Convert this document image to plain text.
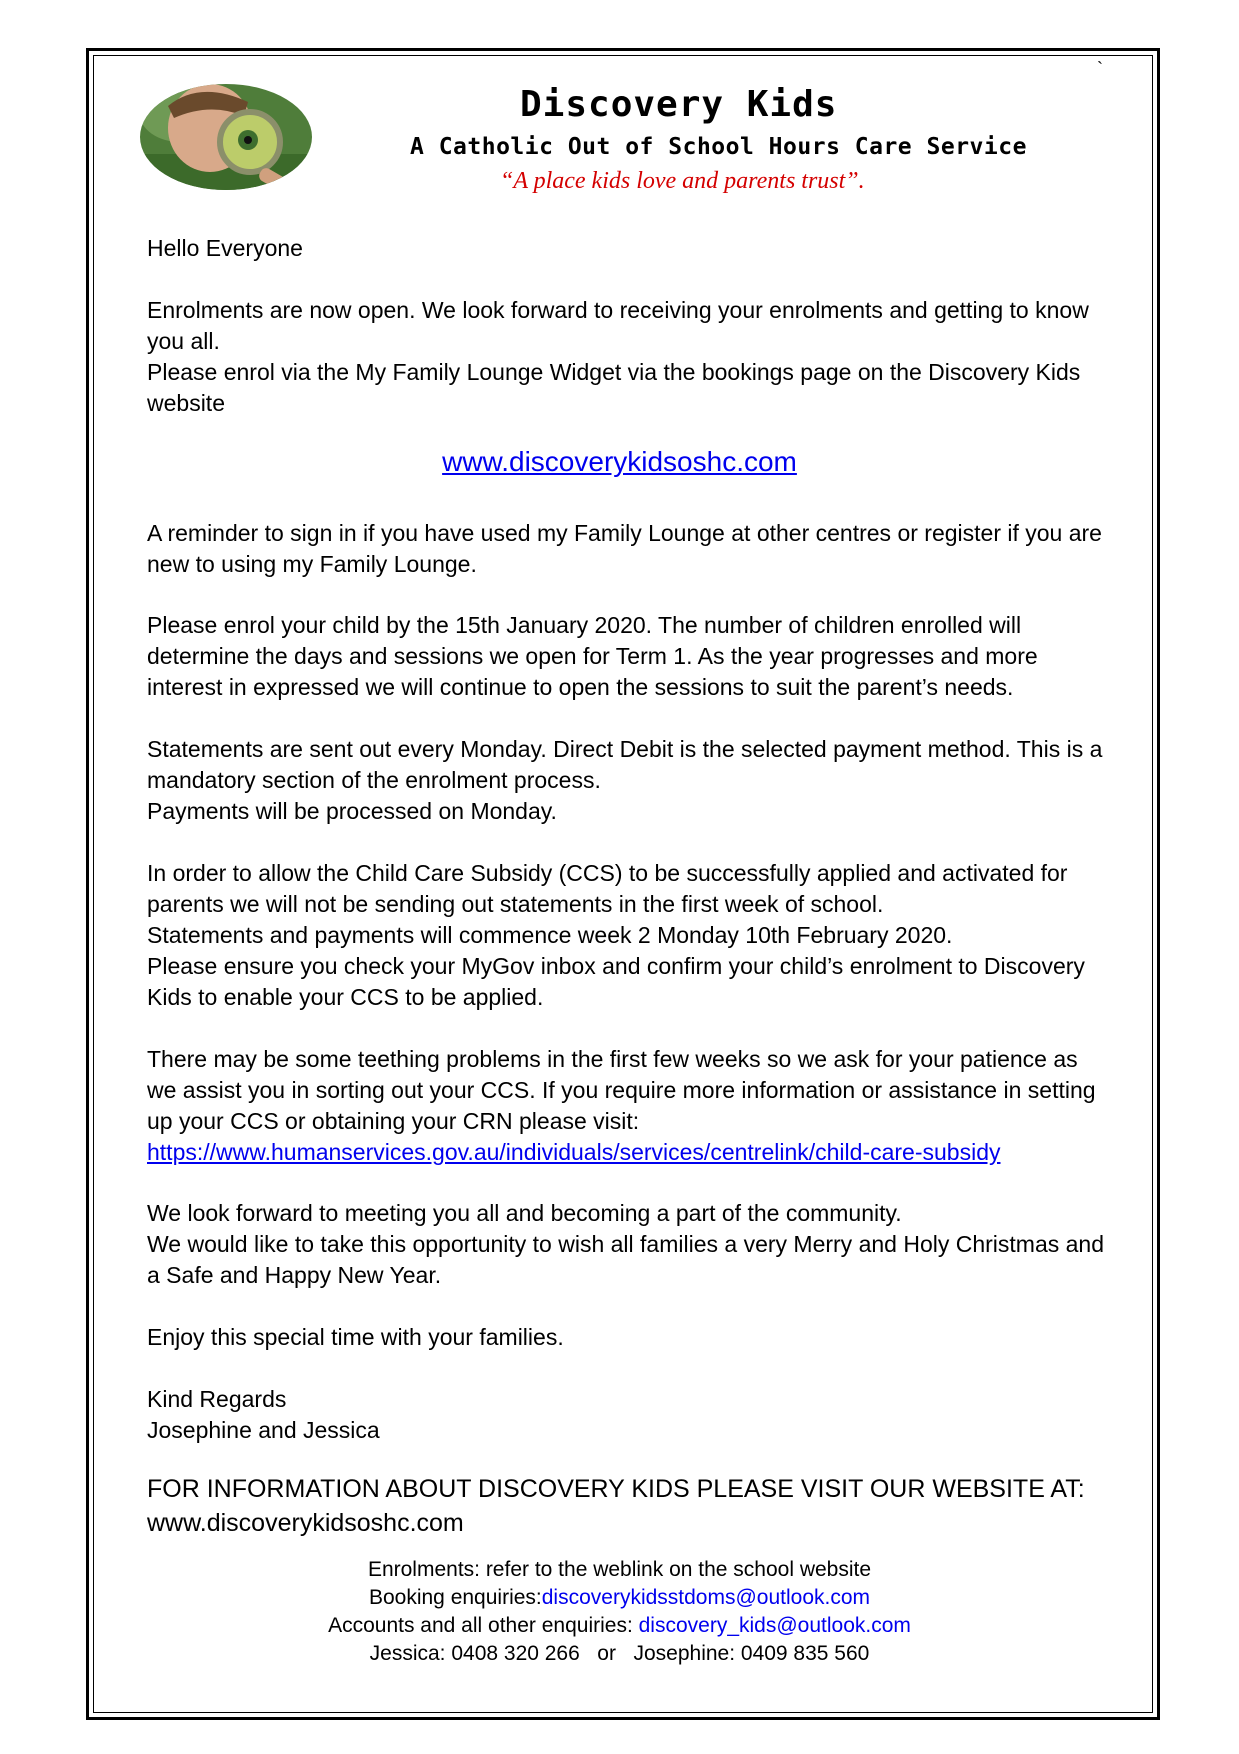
`
Discovery Kids
A Catholic Out of School Hours Care Service
“A place kids love and parents trust”.

Hello Everyone

Enrolments are now open. We look forward to receiving your enrolments and getting to know you all.
Please enrol via the My Family Lounge Widget via the bookings page on the Discovery Kids website

www.discoverykidsoshc.com

A reminder to sign in if you have used my Family Lounge at other centres or register if you are new to using my Family Lounge.

Please enrol your child by the 15th January 2020. The number of children enrolled will determine the days and sessions we open for Term 1. As the year progresses and more interest in expressed we will continue to open the sessions to suit the parent’s needs.

Statements are sent out every Monday. Direct Debit is the selected payment method. This is a mandatory section of the enrolment process.
Payments will be processed on Monday.

In order to allow the Child Care Subsidy (CCS) to be successfully applied and activated for parents we will not be sending out statements in the first week of school.
Statements and payments will commence week 2 Monday 10th February 2020.
Please ensure you check your MyGov inbox and confirm your child’s enrolment to Discovery Kids to enable your CCS to be applied.

There may be some teething problems in the first few weeks so we ask for your patience as we assist you in sorting out your CCS. If you require more information or assistance in setting up your CCS or obtaining your CRN please visit:
https://www.humanservices.gov.au/individuals/services/centrelink/child-care-subsidy

We look forward to meeting you all and becoming a part of the community.
We would like to take this opportunity to wish all families a very Merry and Holy Christmas and a Safe and Happy New Year.

Enjoy this special time with your families.

Kind Regards
Josephine and Jessica

FOR INFORMATION ABOUT DISCOVERY KIDS PLEASE VISIT OUR WEBSITE AT:
www.discoverykidsoshc.com
Enrolments: refer to the weblink on the school website
Booking enquiries:discoverykidsstdoms@outlook.com
Accounts and all other enquiries: discovery_kids@outlook.com
Jessica: 0408 320 266   or   Josephine: 0409 835 560
